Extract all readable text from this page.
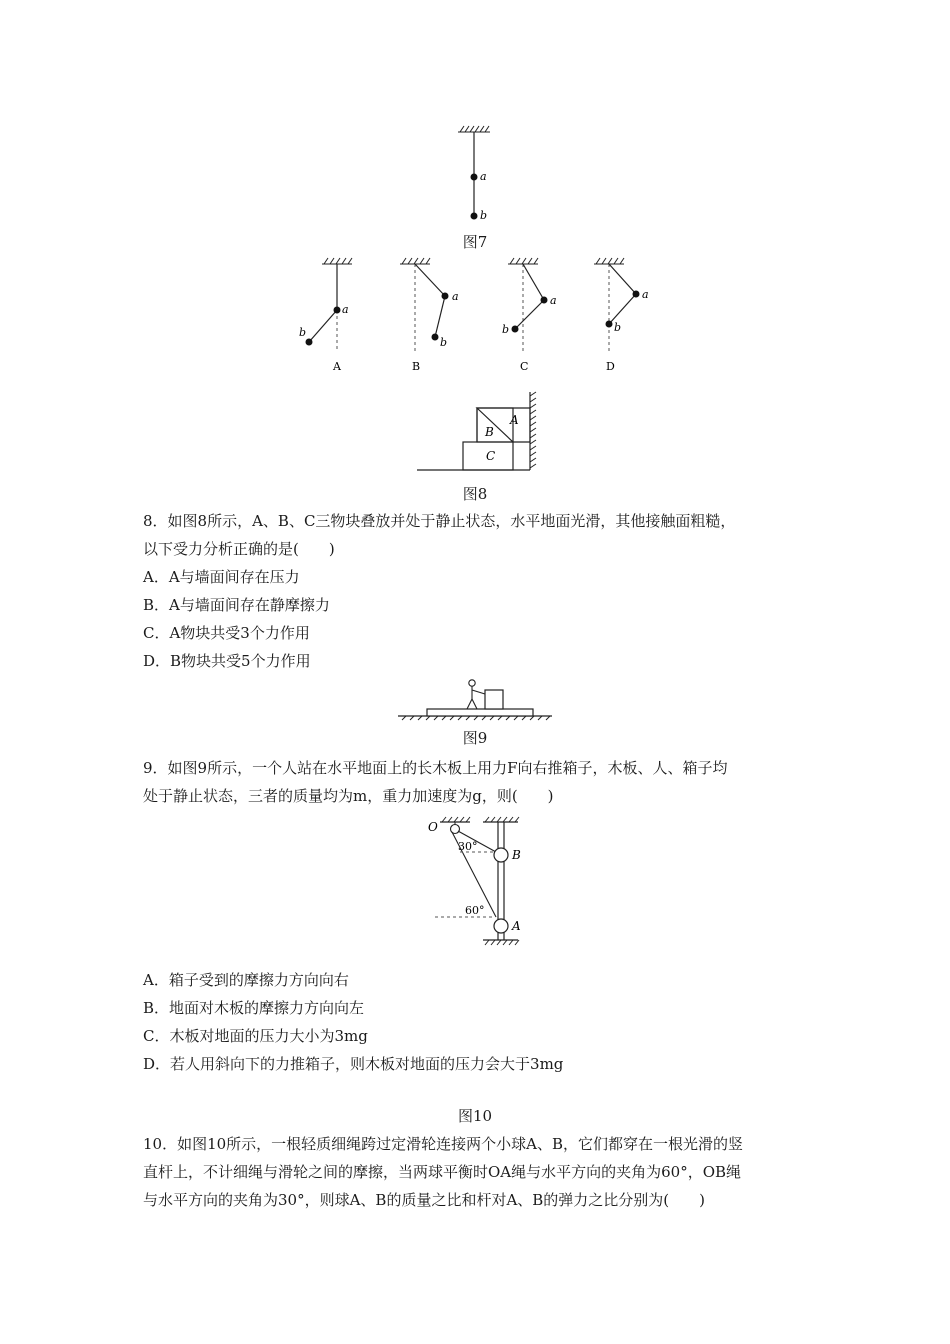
a
b
图7
a
b
A
a
b
B
a
b
C
a
b
D
A
B
C
图8
8．如图8所示，A、B、C三物块叠放并处于静止状态，水平地面光滑，其他接触面粗糙，
以下受力分析正确的是(　　)
A．A与墙面间存在压力
B．A与墙面间存在静摩擦力
C．A物块共受3个力作用
D．B物块共受5个力作用
图9
9．如图9所示，一个人站在水平地面上的长木板上用力F向右推箱子，木板、人、箱子均
处于静止状态，三者的质量均为m，重力加速度为g，则(　　)
O
B
A
30°
60°
A．箱子受到的摩擦力方向向右
B．地面对木板的摩擦力方向向左
C．木板对地面的压力大小为3mg
D．若人用斜向下的力推箱子，则木板对地面的压力会大于3mg
图10
10．如图10所示，一根轻质细绳跨过定滑轮连接两个小球A、B，它们都穿在一根光滑的竖
直杆上，不计细绳与滑轮之间的摩擦，当两球平衡时OA绳与水平方向的夹角为60°，OB绳
与水平方向的夹角为30°，则球A、B的质量之比和杆对A、B的弹力之比分别为(　　)
